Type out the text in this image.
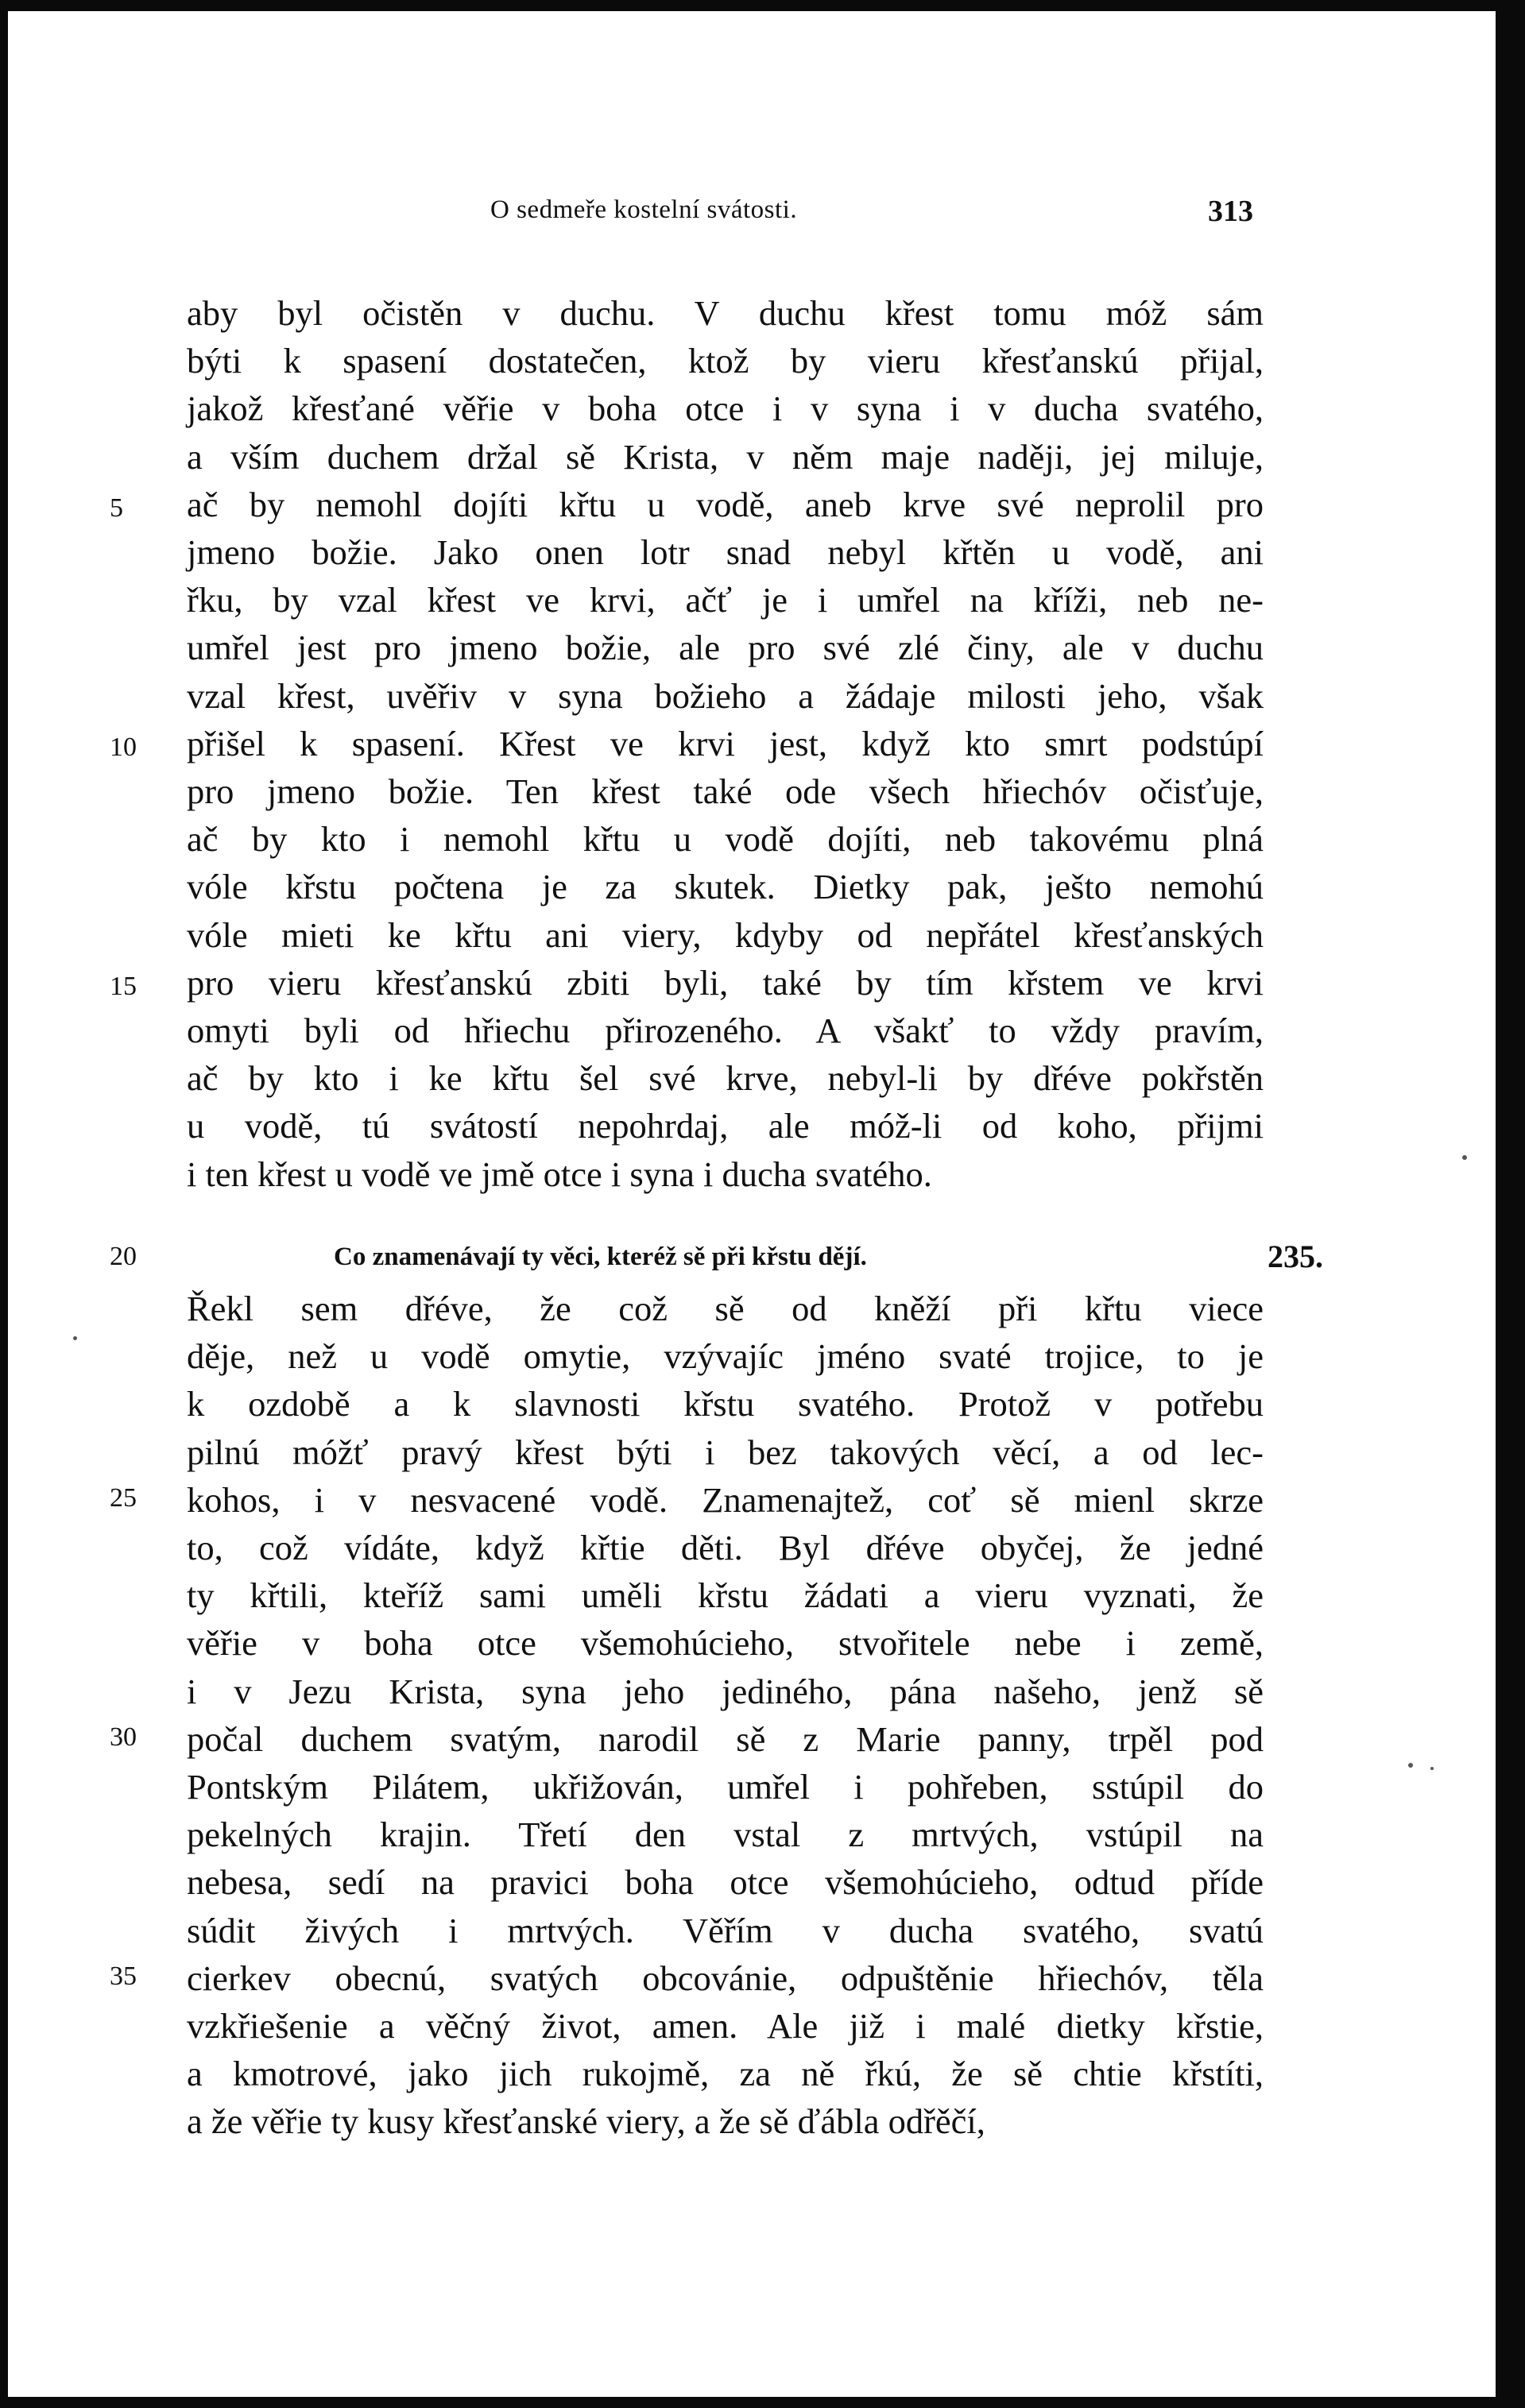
O sedmeře kostelní svátosti.	313
aby byl očistěn v duchu. V duchu křest tomu móž sám
býti k spasení dostatečen, ktož by vieru křesťanskú přijal,
jakož křesťané věřie v boha otce i v syna i v ducha svatého,
a vším duchem držal sě Krista, v něm maje naději, jej miluje,
ač by nemohl dojíti křtu u vodě, aneb krve své neprolil pro
jmeno božie. Jako onen lotr snad nebyl křtěn u vodě, ani
řku, by vzal křest ve krvi, ačť je i umřel na kříži, neb ne-
umřel jest pro jmeno božie, ale pro své zlé činy, ale v duchu
vzal křest, uvěřiv v syna božieho a žádaje milosti jeho, však
přišel k spasení. Křest ve krvi jest, když kto smrt podstúpí
pro jmeno božie. Ten křest také ode všech hřiechóv očisťuje,
ač by kto i nemohl křtu u vodě dojíti, neb takovému plná
vóle křstu počtena je za skutek. Dietky pak, ješto nemohú
vóle mieti ke křtu ani viery, kdyby od nepřátel křesťanských
pro vieru křesťanskú zbiti byli, také by tím křstem ve krvi
omyti byli od hřiechu přirozeného. A všakť to vždy pravím,
ač by kto i ke křtu šel své krve, nebyl-li by dřéve pokřstěn
u vodě, tú svátostí nepohrdaj, ale móž-li od koho, přijmi
i ten křest u vodě ve jmě otce i syna i ducha svatého.
20	Co znamenávají ty věci, kteréž sě při křstu dějí.	235.
Řekl sem dřéve, že což sě od kněží při křtu viece
děje, než u vodě omytie, vzývajíc jméno svaté trojice, to je
k ozdobě a k slavnosti křstu svatého. Protož v potřebu
pilnú móžť pravý křest býti i bez takových věcí, a od lec-
kohos, i v nesvacené vodě. Znamenajtež, coť sě mienl skrze
to, což vídáte, když křtie děti. Byl dřéve obyčej, že jedné
ty křtili, kteříž sami uměli křstu žádati a vieru vyznati, že
věřie v boha otce všemohúcieho, stvořitele nebe i země,
i v Jezu Krista, syna jeho jediného, pána našeho, jenž sě
počal duchem svatým, narodil sě z Marie panny, trpěl pod
Pontským Pilátem, ukřižován, umřel i pohřeben, sstúpil do
pekelných krajin. Třetí den vstal z mrtvých, vstúpil na
nebesa, sedí na pravici boha otce všemohúcieho, odtud příde
súdit živých i mrtvých. Věřím v ducha svatého, svatú
cierkev obecnú, svatých obcovánie, odpuštěnie hřiechóv, těla
vzkřiešenie a věčný život, amen. Ale již i malé dietky křstie,
a kmotrové, jako jich rukojmě, za ně řkú, že sě chtie křstíti,
a že věřie ty kusy křesťanské viery, a že sě ďábla odřěčí,
5
10
15
25
30
35
